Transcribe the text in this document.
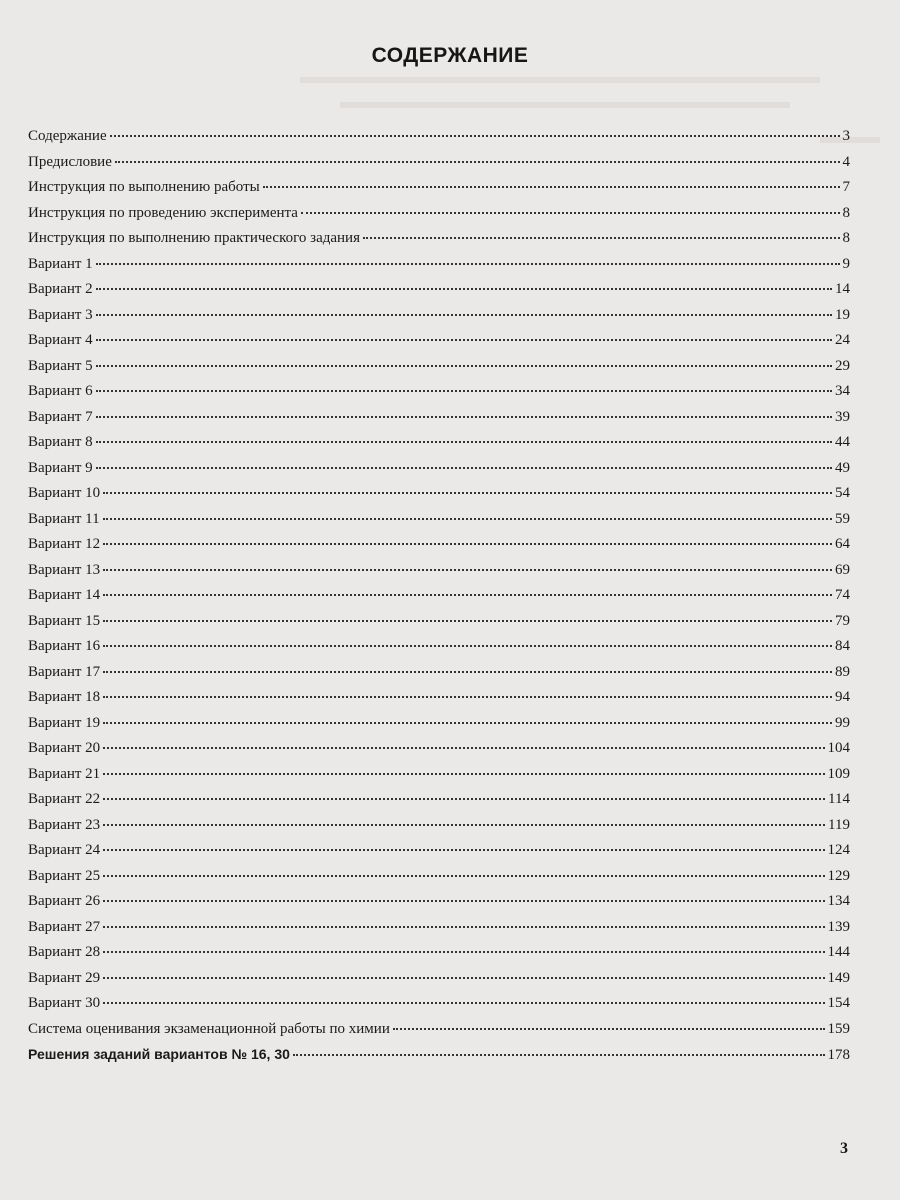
СОДЕРЖАНИЕ
Содержание	3
Предисловие	4
Инструкция по выполнению работы	7
Инструкция по проведению эксперимента	8
Инструкция по выполнению практического задания	8
Вариант 1	9
Вариант 2	14
Вариант 3	19
Вариант 4	24
Вариант 5	29
Вариант 6	34
Вариант 7	39
Вариант 8	44
Вариант 9	49
Вариант 10	54
Вариант 11	59
Вариант 12	64
Вариант 13	69
Вариант 14	74
Вариант 15	79
Вариант 16	84
Вариант 17	89
Вариант 18	94
Вариант 19	99
Вариант 20	104
Вариант 21	109
Вариант 22	114
Вариант 23	119
Вариант 24	124
Вариант 25	129
Вариант 26	134
Вариант 27	139
Вариант 28	144
Вариант 29	149
Вариант 30	154
Система оценивания экзаменационной работы по химии	159
Решения заданий вариантов № 16, 30	178
3
